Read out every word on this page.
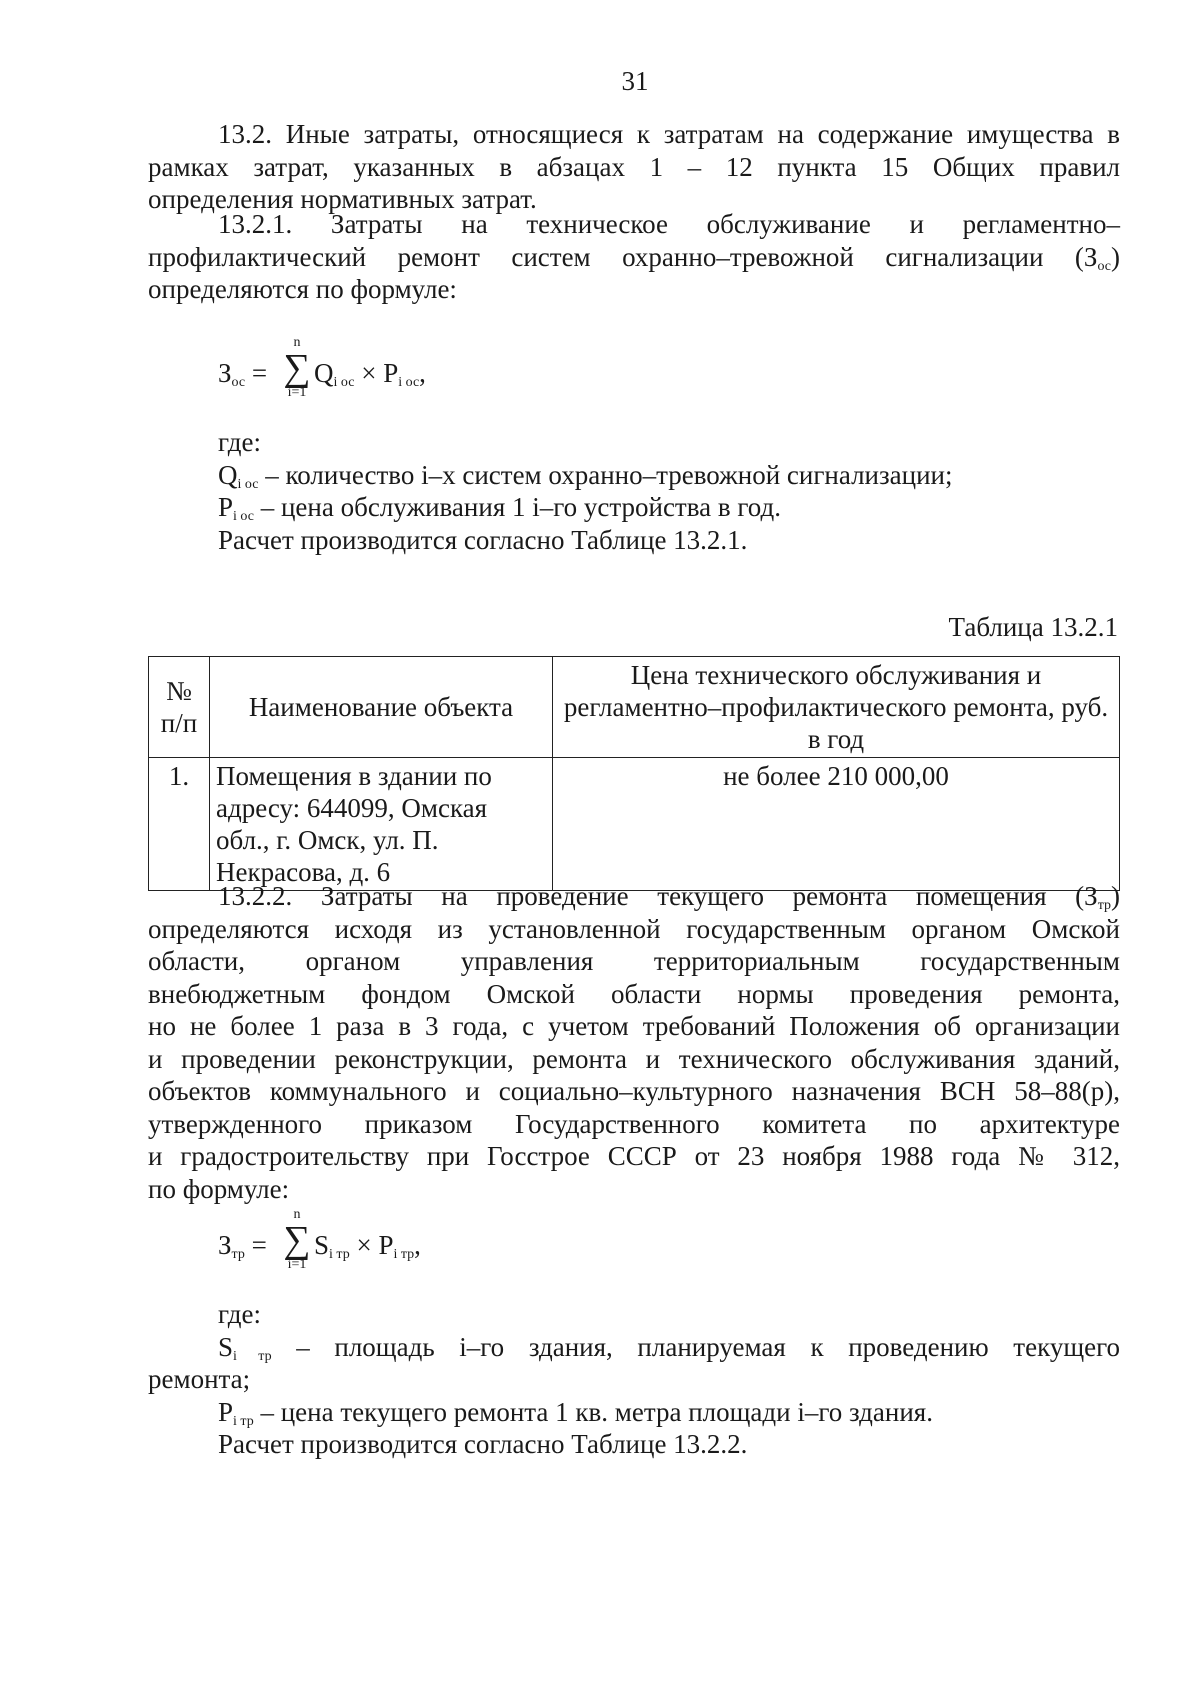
31
13.2. Иные затраты, относящиеся к затратам на содержание имущества в
рамках затрат, указанных в абзацах 1 – 12 пункта 15 Общих правил
определения нормативных затрат.
13.2.1. Затраты на техническое обслуживание и регламентно–
профилактический ремонт систем охранно–тревожной сигнализации $(З_{ос})$
определяются по формуле:
$З_{ос}$ =
n
∑
i=1
$Q_{i ос} \times P_{i ос}$,
где:
$Q_{i ос}$ – количество i–х систем охранно–тревожной сигнализации;
$P_{i ос}$ – цена обслуживания 1 i–го устройства в год.
Расчет производится согласно Таблице 13.2.1.
Таблица 13.2.1
№ п/п	Наименование объекта	Цена технического обслуживания и регламентно–профилактического ремонта, руб. в год
1.	Помещения в здании по адресу: 644099, Омская обл., г. Омск, ул. П. Некрасова, д. 6	не более 210 000,00
13.2.2. Затраты на проведение текущего ремонта помещения $(З_{тр})$
определяются исходя из установленной государственным органом Омской
области, органом управления территориальным государственным
внебюджетным фондом Омской области нормы проведения ремонта,
но не более 1 раза в 3 года, с учетом требований Положения об организации
и проведении реконструкции, ремонта и технического обслуживания зданий,
объектов коммунального и социально–культурного назначения ВСН 58–88(р),
утвержденного приказом Государственного комитета по архитектуре
и градостроительству при Госстрое СССР от 23 ноября 1988 года № 312,
по формуле:
$З_{тр}$ =
n
∑
i=1
$S_{i тр} \times P_{i тр}$,
где:
$S_{i тр}$ – площадь i–го здания, планируемая к проведению текущего
ремонта;
$P_{i тр}$ – цена текущего ремонта 1 кв. метра площади i–го здания.
Расчет производится согласно Таблице 13.2.2.
